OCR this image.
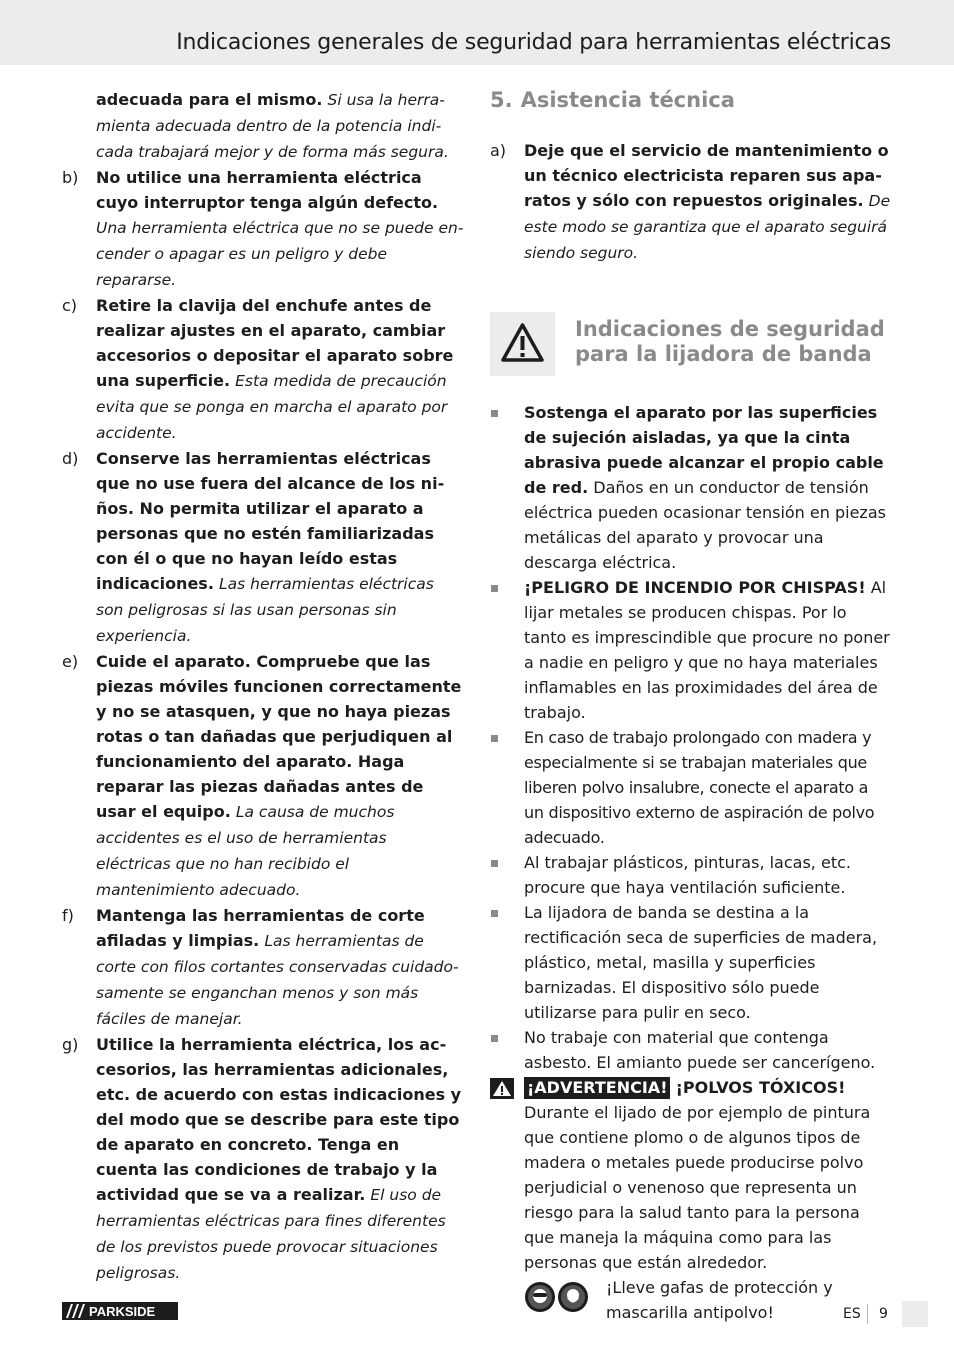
Indicaciones generales de seguridad para herramientas eléctricas
adecuada para el mismo. Si usa la herramienta adecuada dentro de la potencia indicada trabajará mejor y de forma más segura.
b) No utilice una herramienta eléctrica cuyo interruptor tenga algún defecto. Una herramienta eléctrica que no se puede encender o apagar es un peligro y debe repararse.
c) Retire la clavija del enchufe antes de realizar ajustes en el aparato, cambiar accesorios o depositar el aparato sobre una superficie. Esta medida de precaución evita que se ponga en marcha el aparato por accidente.
d) Conserve las herramientas eléctricas que no use fuera del alcance de los niños. No permita utilizar el aparato a personas que no estén familiarizadas con él o que no hayan leído estas indicaciones. Las herramientas eléctricas son peligrosas si las usan personas sin experiencia.
e) Cuide el aparato. Compruebe que las piezas móviles funcionen correctamente y no se atasquen, y que no haya piezas rotas o tan dañadas que perjudiquen al funcionamiento del aparato. Haga reparar las piezas dañadas antes de usar el equipo. La causa de muchos accidentes es el uso de herramientas eléctricas que no han recibido el mantenimiento adecuado.
f) Mantenga las herramientas de corte afiladas y limpias. Las herramientas de corte con filos cortantes conservadas cuidadosamente se enganchan menos y son más fáciles de manejar.
g) Utilice la herramienta eléctrica, los accesorios, las herramientas adicionales, etc. de acuerdo con estas indicaciones y del modo que se describe para este tipo de aparato en concreto. Tenga en cuenta las condiciones de trabajo y la actividad que se va a realizar. El uso de herramientas eléctricas para fines diferentes de los previstos puede provocar situaciones peligrosas.
5. Asistencia técnica
a) Deje que el servicio de mantenimiento o un técnico electricista reparen sus aparatos y sólo con repuestos originales. De este modo se garantiza que el aparato seguirá siendo seguro.
Indicaciones de seguridad para la lijadora de banda
Sostenga el aparato por las superficies de sujeción aisladas, ya que la cinta abrasiva puede alcanzar el propio cable de red. Daños en un conductor de tensión eléctrica pueden ocasionar tensión en piezas metálicas del aparato y provocar una descarga eléctrica.
¡PELIGRO DE INCENDIO POR CHISPAS! Al lijar metales se producen chispas. Por lo tanto es imprescindible que procure no poner a nadie en peligro y que no haya materiales inflamables en las proximidades del área de trabajo.
En caso de trabajo prolongado con madera y especialmente si se trabajan materiales que liberen polvo insalubre, conecte el aparato a un dispositivo externo de aspiración de polvo adecuado.
Al trabajar plásticos, pinturas, lacas, etc. procure que haya ventilación suficiente.
La lijadora de banda se destina a la rectificación seca de superficies de madera, plástico, metal, masilla y superficies barnizadas. El dispositivo sólo puede utilizarse para pulir en seco.
No trabaje con material que contenga asbesto. El amianto puede ser cancerígeno.
¡ADVERTENCIA! ¡POLVOS TÓXICOS!
Durante el lijado de por ejemplo de pintura que contiene plomo o de algunos tipos de madera o metales puede producirse polvo perjudicial o venenoso que representa un riesgo para la salud tanto para la persona que maneja la máquina como para las personas que están alrededor.
¡Lleve gafas de protección y mascarilla antipolvo!
PARKSIDE	ES 9
